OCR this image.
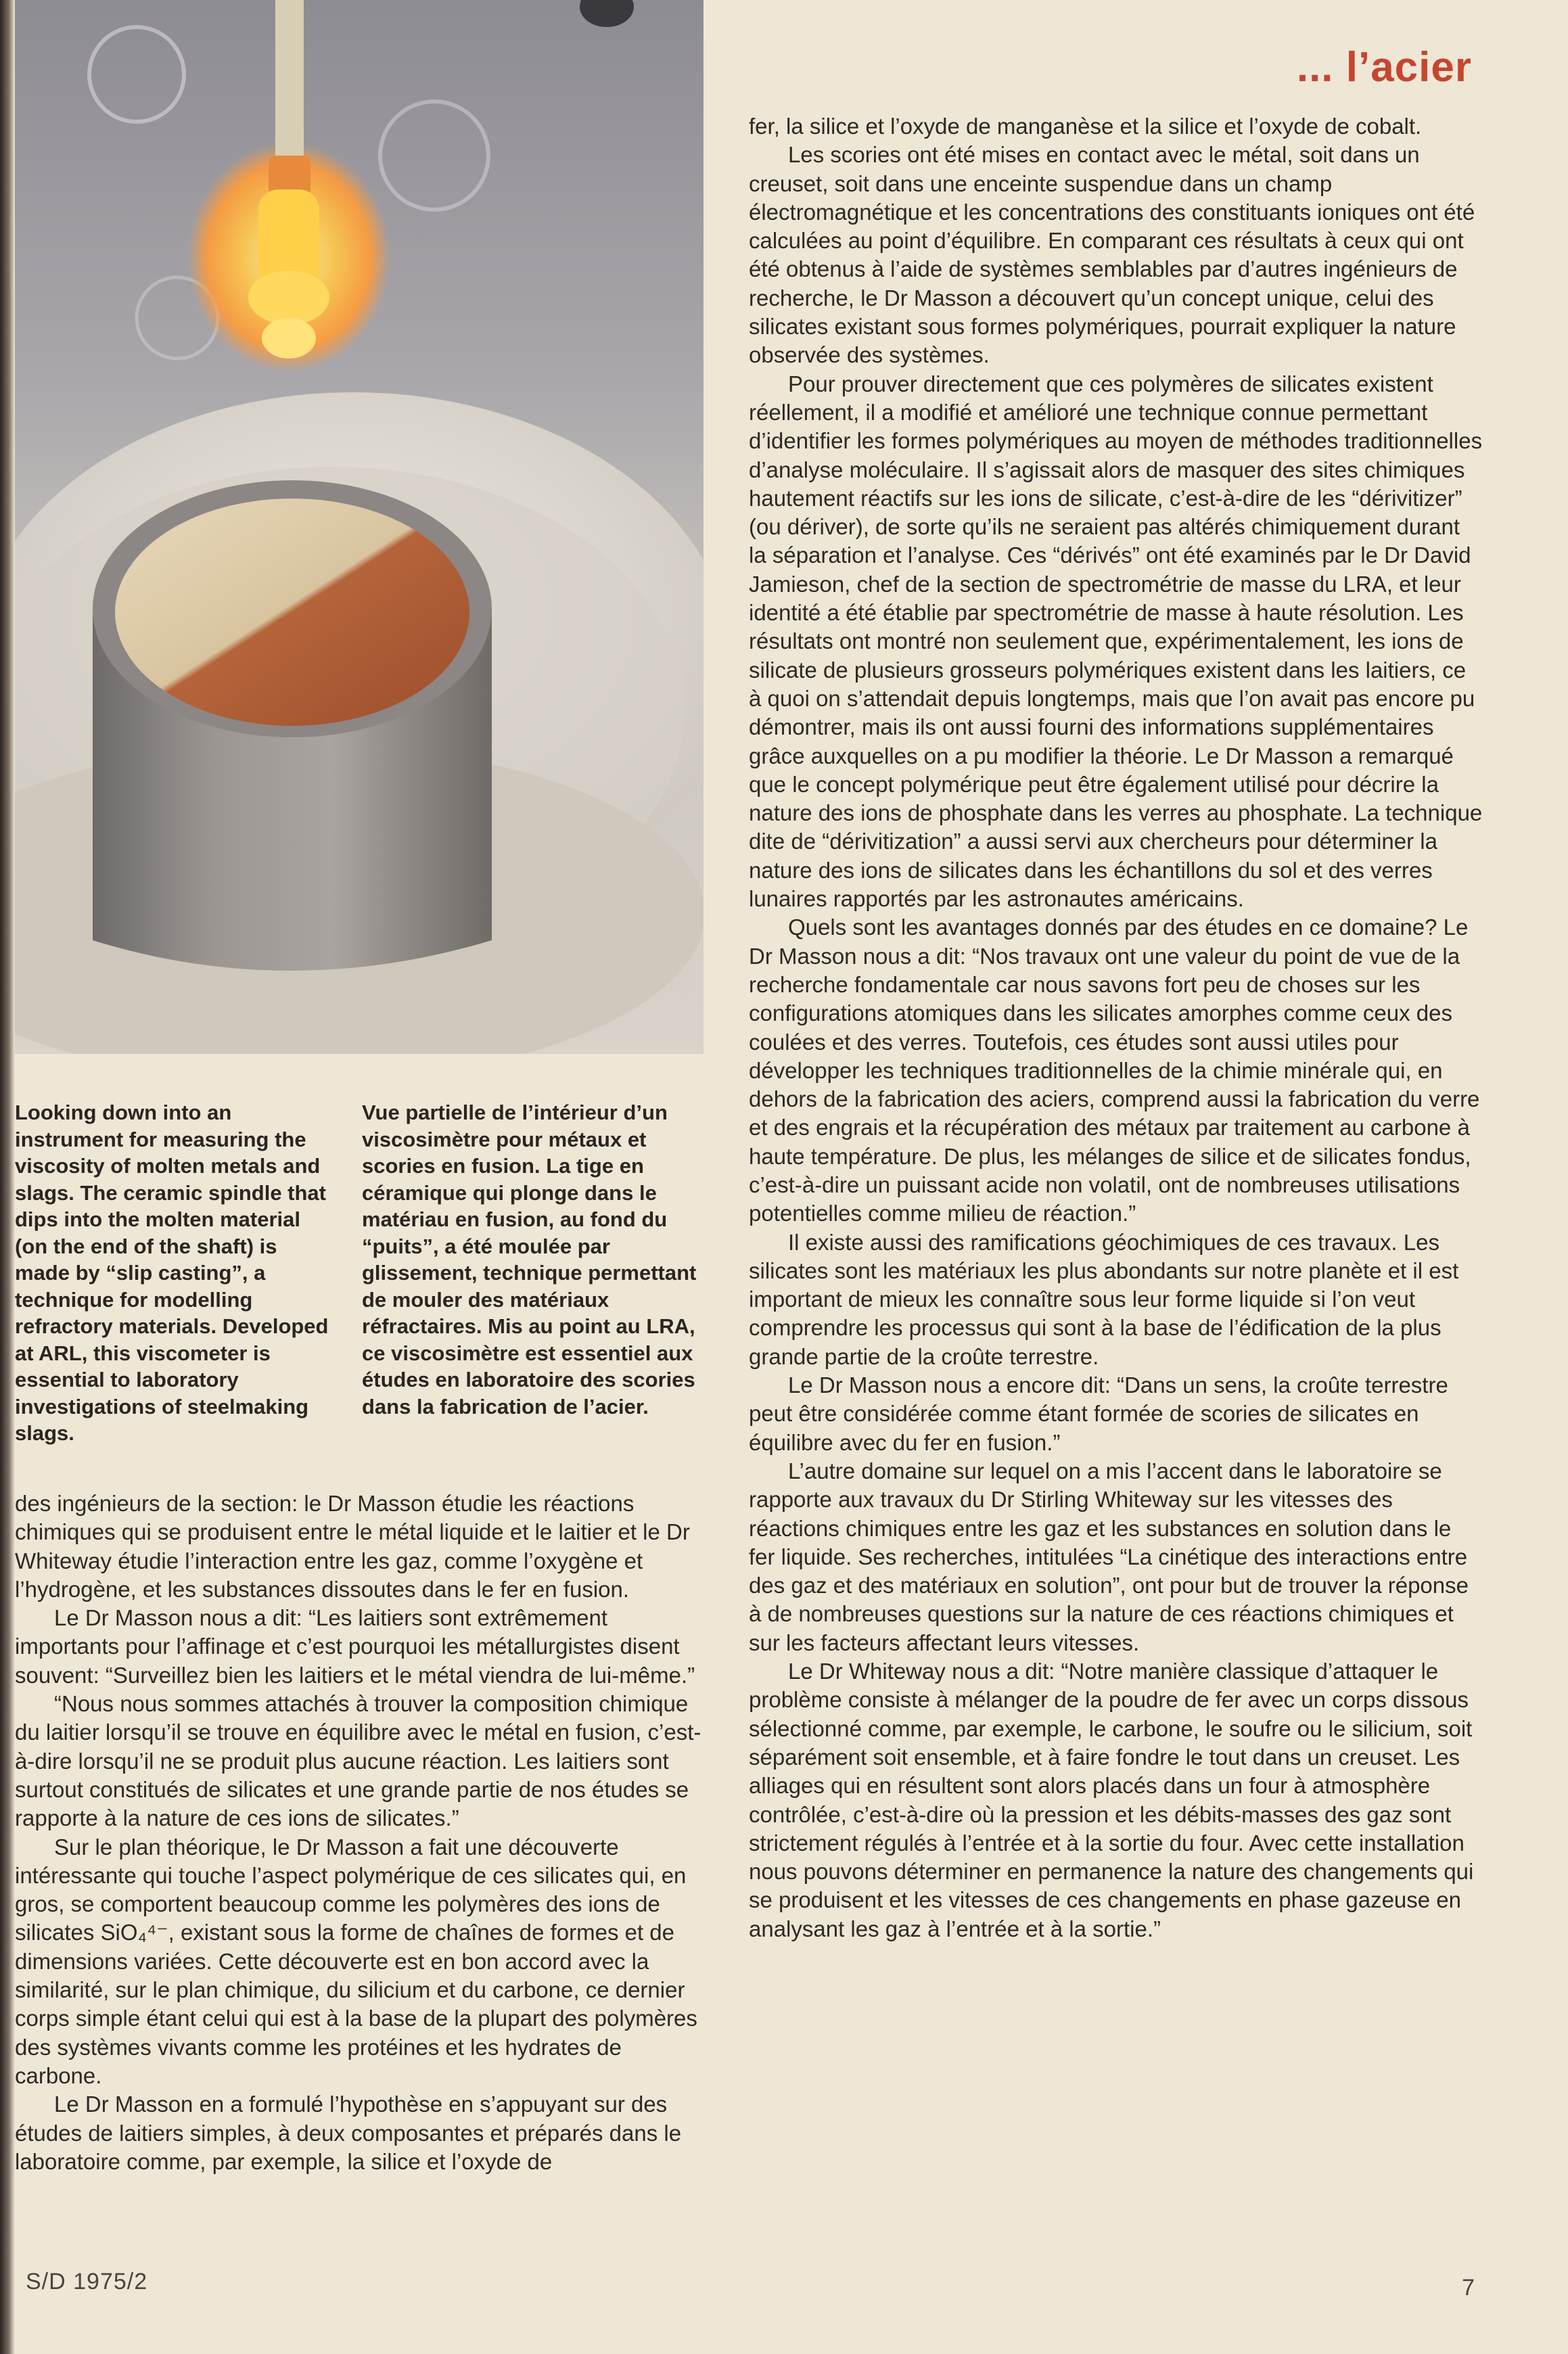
... l’acier
Looking down into an instrument for measuring the viscosity of molten metals and slags. The ceramic spindle that dips into the molten material (on the end of the shaft) is made by “slip casting”, a technique for modelling refractory materials. Developed at ARL, this viscometer is essential to laboratory investigations of steelmaking slags.
Vue partielle de l’intérieur d’un viscosimètre pour métaux et scories en fusion. La tige en céramique qui plonge dans le matériau en fusion, au fond du “puits”, a été moulée par glissement, technique permettant de mouler des matériaux réfractaires. Mis au point au LRA, ce viscosimètre est essentiel aux études en laboratoire des scories dans la fabrication de l’acier.

des ingénieurs de la section: le Dr Masson étudie les réactions chimiques qui se produisent entre le métal liquide et le laitier et le Dr Whiteway étudie l’interaction entre les gaz, comme l’oxygène et l’hydrogène, et les substances dissoutes dans le fer en fusion.

Le Dr Masson nous a dit: “Les laitiers sont extrêmement importants pour l’affinage et c’est pourquoi les métallurgistes disent souvent: “Surveillez bien les laitiers et le métal viendra de lui-même.”

“Nous nous sommes attachés à trouver la composition chimique du laitier lorsqu’il se trouve en équilibre avec le métal en fusion, c’est-à-dire lorsqu’il ne se produit plus aucune réaction. Les laitiers sont surtout constitués de silicates et une grande partie de nos études se rapporte à la nature de ces ions de silicates.”

Sur le plan théorique, le Dr Masson a fait une découverte intéressante qui touche l’aspect polymérique de ces silicates qui, en gros, se comportent beaucoup comme les polymères des ions de silicates SiO₄⁴⁻, existant sous la forme de chaînes de formes et de dimensions variées. Cette découverte est en bon accord avec la similarité, sur le plan chimique, du silicium et du carbone, ce dernier corps simple étant celui qui est à la base de la plupart des polymères des systèmes vivants comme les protéines et les hydrates de carbone.

Le Dr Masson en a formulé l’hypothèse en s’appuyant sur des études de laitiers simples, à deux composantes et préparés dans le laboratoire comme, par exemple, la silice et l’oxyde de

fer, la silice et l’oxyde de manganèse et la silice et l’oxyde de cobalt.

Les scories ont été mises en contact avec le métal, soit dans un creuset, soit dans une enceinte suspendue dans un champ électromagnétique et les concentrations des constituants ioniques ont été calculées au point d’équilibre. En comparant ces résultats à ceux qui ont été obtenus à l’aide de systèmes semblables par d’autres ingénieurs de recherche, le Dr Masson a découvert qu’un concept unique, celui des silicates existant sous formes polymériques, pourrait expliquer la nature observée des systèmes.

Pour prouver directement que ces polymères de silicates existent réellement, il a modifié et amélioré une technique connue permettant d’identifier les formes polymériques au moyen de méthodes traditionnelles d’analyse moléculaire. Il s’agissait alors de masquer des sites chimiques hautement réactifs sur les ions de silicate, c’est-à-dire de les “dérivitizer” (ou dériver), de sorte qu’ils ne seraient pas altérés chimiquement durant la séparation et l’analyse. Ces “dérivés” ont été examinés par le Dr David Jamieson, chef de la section de spectrométrie de masse du LRA, et leur identité a été établie par spectrométrie de masse à haute résolution. Les résultats ont montré non seulement que, expérimentalement, les ions de silicate de plusieurs grosseurs polymériques existent dans les laitiers, ce à quoi on s’attendait depuis longtemps, mais que l’on avait pas encore pu démontrer, mais ils ont aussi fourni des informations supplémentaires grâce auxquelles on a pu modifier la théorie. Le Dr Masson a remarqué que le concept polymérique peut être également utilisé pour décrire la nature des ions de phosphate dans les verres au phosphate. La technique dite de “dérivitization” a aussi servi aux chercheurs pour déterminer la nature des ions de silicates dans les échantillons du sol et des verres lunaires rapportés par les astronautes américains.

Quels sont les avantages donnés par des études en ce domaine? Le Dr Masson nous a dit: “Nos travaux ont une valeur du point de vue de la recherche fondamentale car nous savons fort peu de choses sur les configurations atomiques dans les silicates amorphes comme ceux des coulées et des verres. Toutefois, ces études sont aussi utiles pour développer les techniques traditionnelles de la chimie minérale qui, en dehors de la fabrication des aciers, comprend aussi la fabrication du verre et des engrais et la récupération des métaux par traitement au carbone à haute température. De plus, les mélanges de silice et de silicates fondus, c’est-à-dire un puissant acide non volatil, ont de nombreuses utilisations potentielles comme milieu de réaction.”

Il existe aussi des ramifications géochimiques de ces travaux. Les silicates sont les matériaux les plus abondants sur notre planète et il est important de mieux les connaître sous leur forme liquide si l’on veut comprendre les processus qui sont à la base de l’édification de la plus grande partie de la croûte terrestre.

Le Dr Masson nous a encore dit: “Dans un sens, la croûte terrestre peut être considérée comme étant formée de scories de silicates en équilibre avec du fer en fusion.”

L’autre domaine sur lequel on a mis l’accent dans le laboratoire se rapporte aux travaux du Dr Stirling Whiteway sur les vitesses des réactions chimiques entre les gaz et les substances en solution dans le fer liquide. Ses recherches, intitulées “La cinétique des interactions entre des gaz et des matériaux en solution”, ont pour but de trouver la réponse à de nombreuses questions sur la nature de ces réactions chimiques et sur les facteurs affectant leurs vitesses.

Le Dr Whiteway nous a dit: “Notre manière classique d’attaquer le problème consiste à mélanger de la poudre de fer avec un corps dissous sélectionné comme, par exemple, le carbone, le soufre ou le silicium, soit séparément soit ensemble, et à faire fondre le tout dans un creuset. Les alliages qui en résultent sont alors placés dans un four à atmosphère contrôlée, c’est-à-dire où la pression et les débits-masses des gaz sont strictement régulés à l’entrée et à la sortie du four. Avec cette installation nous pouvons déterminer en permanence la nature des changements qui se produisent et les vitesses de ces changements en phase gazeuse en analysant les gaz à l’entrée et à la sortie.”

S/D 1975/2	7
